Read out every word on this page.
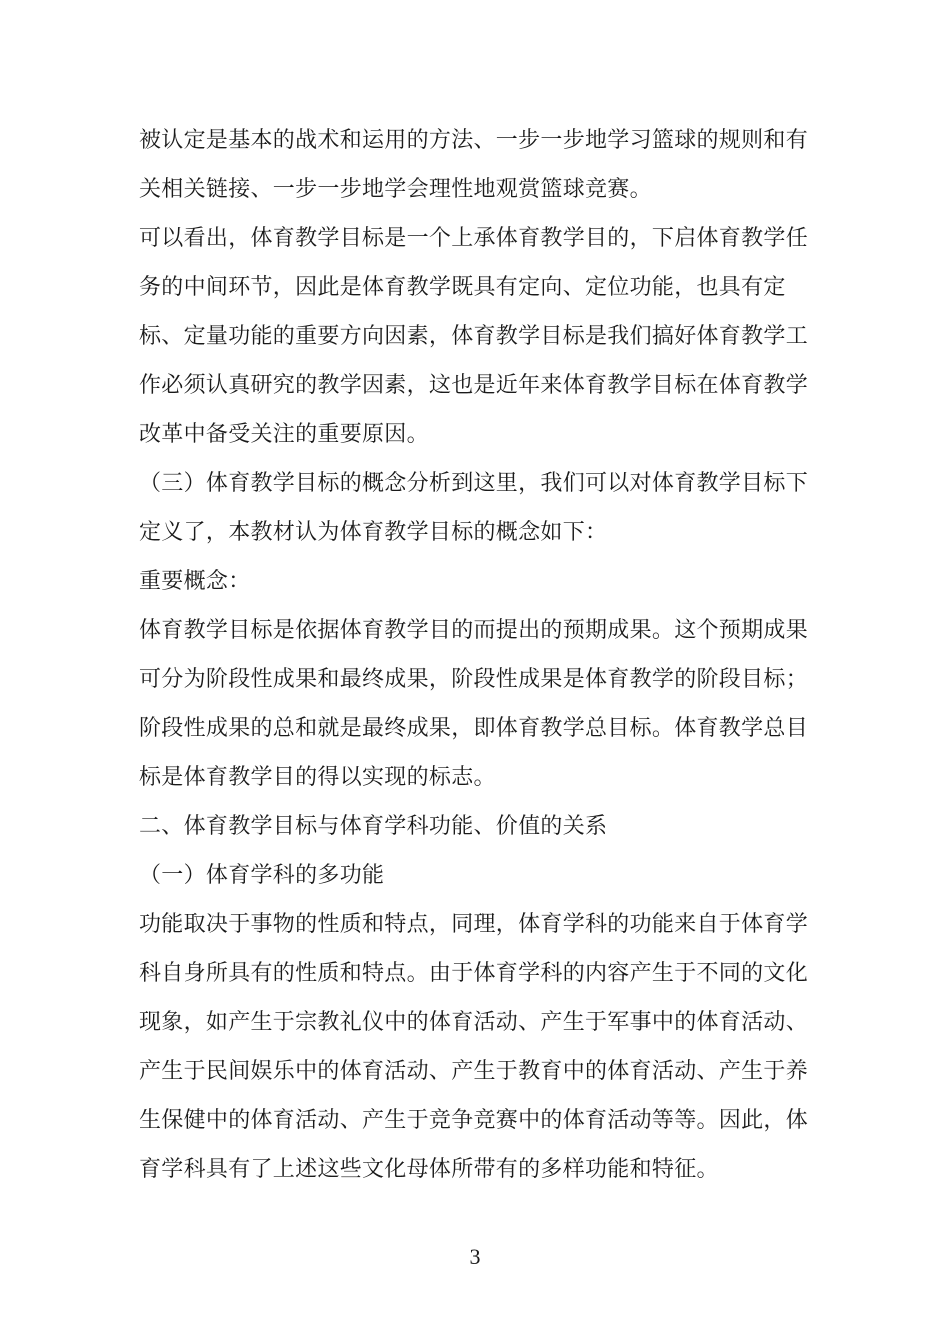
被认定是基本的战术和运用的方法、一步一步地学习篮球的规则和有关相关链接、一步一步地学会理性地观赏篮球竞赛。

可以看出，体育教学目标是一个上承体育教学目的，下启体育教学任务的中间环节，因此是体育教学既具有定向、定位功能，也具有定标、定量功能的重要方向因素，体育教学目标是我们搞好体育教学工作必须认真研究的教学因素，这也是近年来体育教学目标在体育教学改革中备受关注的重要原因。

（三）体育教学目标的概念分析到这里，我们可以对体育教学目标下定义了，本教材认为体育教学目标的概念如下：

重要概念：

体育教学目标是依据体育教学目的而提出的预期成果。这个预期成果可分为阶段性成果和最终成果，阶段性成果是体育教学的阶段目标；阶段性成果的总和就是最终成果，即体育教学总目标。体育教学总目标是体育教学目的得以实现的标志。

二、体育教学目标与体育学科功能、价值的关系

（一）体育学科的多功能

功能取决于事物的性质和特点，同理，体育学科的功能来自于体育学科自身所具有的性质和特点。由于体育学科的内容产生于不同的文化现象，如产生于宗教礼仪中的体育活动、产生于军事中的体育活动、产生于民间娱乐中的体育活动、产生于教育中的体育活动、产生于养生保健中的体育活动、产生于竞争竞赛中的体育活动等等。因此，体育学科具有了上述这些文化母体所带有的多样功能和特征。

3
